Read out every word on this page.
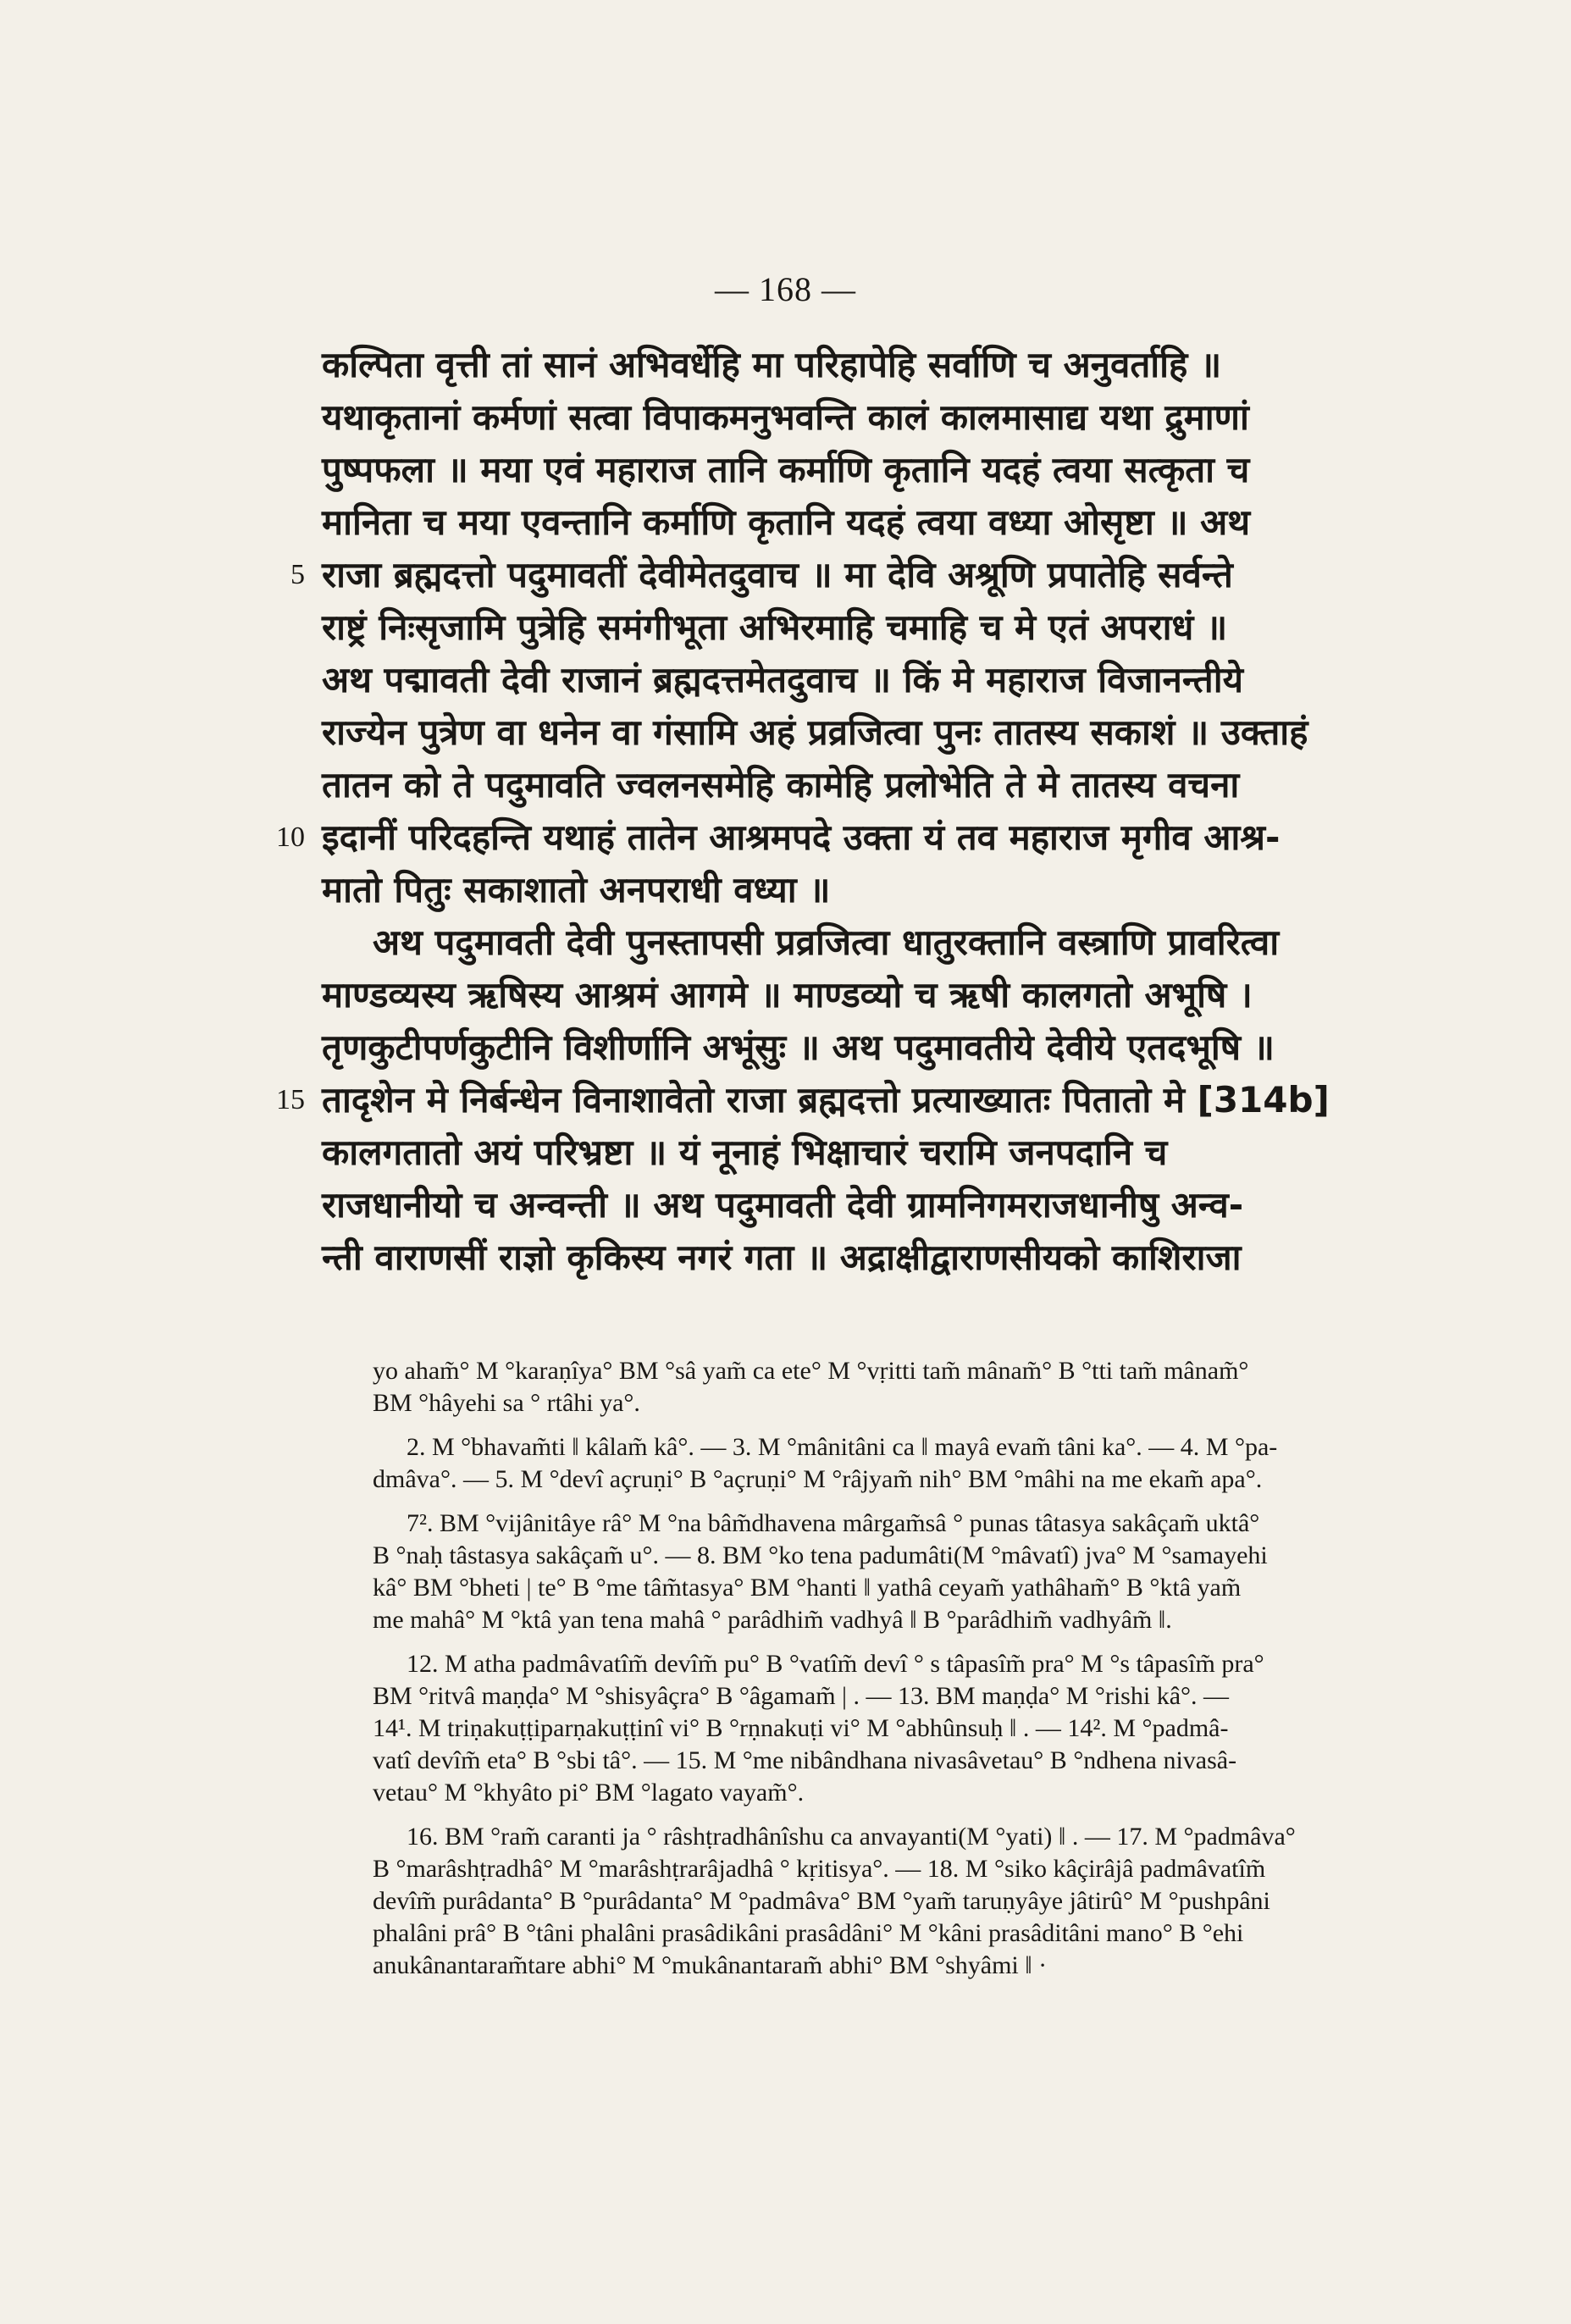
— 168 —
कल्पिता वृत्ती तां सानं अभिवर्धेहि मा परिहापेहि सर्वाणि च अनुवर्ताहि ॥
यथाकृतानां कर्मणां सत्वा विपाकमनुभवन्ति कालं कालमासाद्य यथा द्रुमाणां
पुष्पफला ॥ मया एवं महाराज तानि कर्माणि कृतानि यदहं त्वया सत्कृता च
मानिता च मया एवन्तानि कर्माणि कृतानि यदहं त्वया वध्या ओसृष्टा ॥ अथ
5 राजा ब्रह्मदत्तो पदुमावतीं देवीमेतदुवाच ॥ मा देवि अश्रूणि प्रपातेहि सर्वन्ते
राष्ट्रं निःसृजामि पुत्रेहि समंगीभूता अभिरमाहि चमाहि च मे एतं अपराधं ॥
अथ पद्मावती देवी राजानं ब्रह्मदत्तमेतदुवाच ॥ किं मे महाराज विजानन्तीये
राज्येन पुत्रेण वा धनेन वा गंसामि अहं प्रव्रजित्वा पुनः तातस्य सकाशं ॥ उक्ताहं
तातन को ते पदुमावति ज्वलनसमेहि कामेहि प्रलोभेति ते मे तातस्य वचना
10 इदानीं परिदहन्ति यथाहं तातेन आश्रमपदे उक्ता यं तव महाराज मृगीव आश्र-
मातो पितुः सकाशातो अनपराधी वध्या ॥
अथ पदुमावती देवी पुनस्तापसी प्रव्रजित्वा धातुरक्तानि वस्त्राणि प्रावरित्वा
माण्डव्यस्य ऋषिस्य आश्रमं आगमे ॥ माण्डव्यो च ऋषी कालगतो अभूषि ।
तृणकुटीपर्णकुटीनि विशीर्णानि अभूंसुः ॥ अथ पदुमावतीये देवीये एतदभूषि ॥
15 तादृशेन मे निर्बन्धेन विनाशावेतो राजा ब्रह्मदत्तो प्रत्याख्यातः पितातो मे [314b]
कालगतातो अयं परिभ्रष्टा ॥ यं नूनाहं भिक्षाचारं चरामि जनपदानि च
राजधानीयो च अन्वन्ती ॥ अथ पदुमावती देवी ग्रामनिगमराजधानीषु अन्व-
न्ती वाराणसीं राज्ञो कृकिस्य नगरं गता ॥ अद्राक्षीद्वाराणसीयको काशिराजा
yo aham̃° M °karaṇîya° BM °sâ yam̃ ca ete° M °vṛitti tam̃ mânam̃° B °tti tam̃ mânam̃°
BM °hâyehi sa ° rtâhi ya°.
2. M °bhavam̃ti ‖ kâlam̃ kâ°. — 3. M °mânitâni ca ‖ mayâ evam̃ tâni ka°. — 4. M °pa-
dmâva°. — 5. M °devî açruṇi° B °açruṇi° M °râjyam̃ nih° BM °mâhi na me ekam̃ apa°.
7². BM °vijânitâye râ° M °na bâm̃dhavena mârgam̃sâ ° punas tâtasya sakâçam̃ uktâ°
B °naḥ tâstasya sakâçam̃ u°. — 8. BM °ko tena padumâti(M °mâvatî) jva° M °samayehi
kâ° BM °bheti | te° B °me tâm̃tasya° BM °hanti ‖ yathâ ceyam̃ yathâham̃° B °ktâ yam̃
me mahâ° M °ktâ yan tena mahâ ° parâdhim̃ vadhyâ ‖ B °parâdhim̃ vadhyâm̃ ‖.
12. M atha padmâvatîm̃ devîm̃ pu° B °vatîm̃ devî ° s tâpasîm̃ pra° M °s tâpasîm̃ pra°
BM °ritvâ maṇḍa° M °shisyâçra° B °âgamam̃ | . — 13. BM maṇḍa° M °rishi kâ°. —
14¹. M triṇakuṭṭiparṇakuṭṭinî vi° B °rṇnakuṭi vi° M °abhûnsuḥ ‖ . — 14². M °padmâ-
vatî devîm̃ eta° B °sbi tâ°. — 15. M °me nibândhana nivasâvetau° B °ndhena nivasâ-
vetau° M °khyâto pi° BM °lagato vayam̃°.
16. BM °ram̃ caranti ja ° râshṭradhânîshu ca anvayanti(M °yati) ‖ . — 17. M °padmâva°
B °marâshṭradhâ° M °marâshṭrarâjadhâ ° kṛitisya°. — 18. M °siko kâçirâjâ padmâvatîm̃
devîm̃ purâdanta° B °purâdanta° M °padmâva° BM °yam̃ taruṇyâye jâtirû° M °pushpâni
phalâni prâ° B °tâni phalâni prasâdikâni prasâdâni° M °kâni prasâditâni mano° B °ehi
anukânantaram̃tare abhi° M °mukânantaram̃ abhi° BM °shyâmi ‖ ·
